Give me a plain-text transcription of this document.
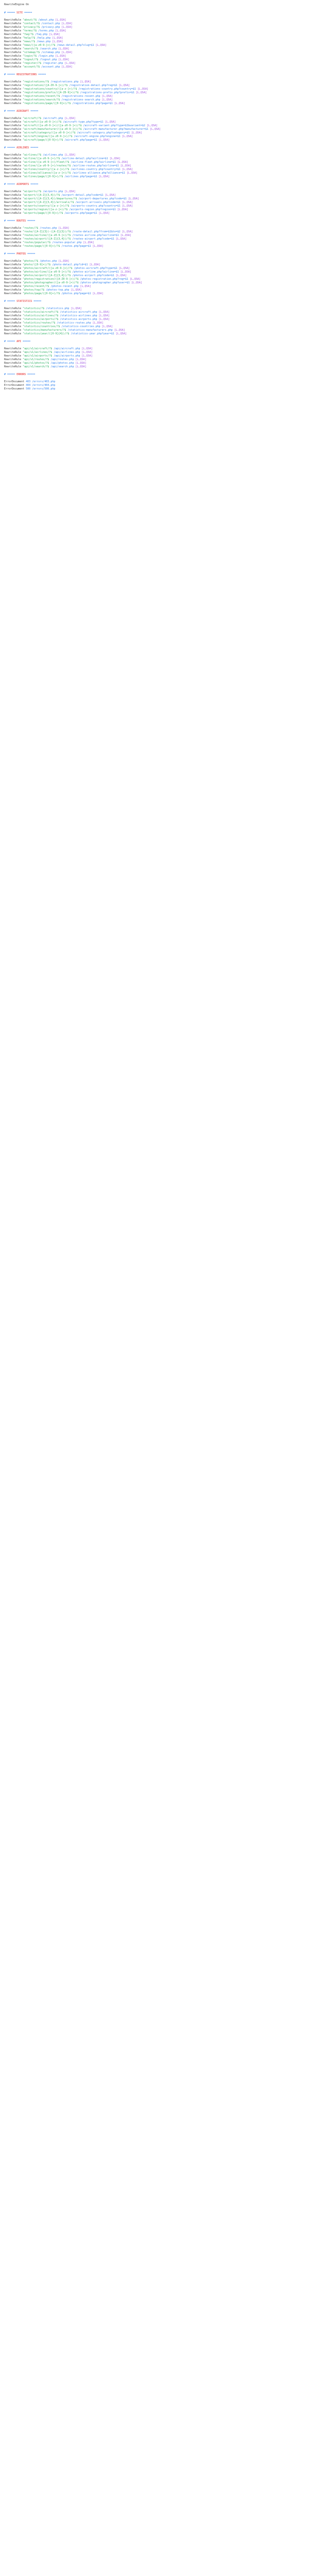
RewriteEngine On
# ===== SITE =====
RewriteRule ^about/?$ /about.php [L,QSA]
RewriteRule ^contact/?$ /contact.php [L,QSA]
RewriteRule ^privacy/?$ /privacy.php [L,QSA]
RewriteRule ^terms/?$ /terms.php [L,QSA]
RewriteRule ^faq/?$ /faq.php [L,QSA]
RewriteRule ^help/?$ /help.php [L,QSA]
RewriteRule ^news/?$ /news.php [L,QSA]
RewriteRule ^news/([a-z0-9-]+)/?$ /news-detail.php?slug=$1 [L,QSA]
RewriteRule ^search/?$ /search.php [L,QSA]
RewriteRule ^sitemap/?$ /sitemap.php [L,QSA]
RewriteRule ^login/?$ /login.php [L,QSA]
RewriteRule ^logout/?$ /logout.php [L,QSA]
RewriteRule ^register/?$ /register.php [L,QSA]
RewriteRule ^account/?$ /account.php [L,QSA]
# ===== REGISTRATIONS =====
RewriteRule ^registrations/?$ /registrations.php [L,QSA]
RewriteRule ^registration/([A-Z0-9-]+)/?$ /registration-detail.php?reg=$1 [L,QSA]
RewriteRule ^registrations/country/([a-z-]+)/?$ /registrations-country.php?country=$1 [L,QSA]
RewriteRule ^registrations/prefix/([A-Z0-9]+)/?$ /registrations-prefix.php?prefix=$1 [L,QSA]
RewriteRule ^registrations/recent/?$ /registrations-recent.php [L,QSA]
RewriteRule ^registrations/search/?$ /registrations-search.php [L,QSA]
RewriteRule ^registrations/page/([0-9]+)/?$ /registrations.php?page=$1 [L,QSA]
# ===== AIRCRAFT =====
RewriteRule ^aircraft/?$ /aircraft.php [L,QSA]
RewriteRule ^aircraft/([a-z0-9-]+)/?$ /aircraft-type.php?type=$1 [L,QSA]
RewriteRule ^aircraft/([a-z0-9-]+)/([a-z0-9-]+)/?$ /aircraft-variant.php?type=$1&variant=$2 [L,QSA]
RewriteRule ^aircraft/manufacturer/([a-z0-9-]+)/?$ /aircraft-manufacturer.php?manufacturer=$1 [L,QSA]
RewriteRule ^aircraft/category/([a-z0-9-]+)/?$ /aircraft-category.php?category=$1 [L,QSA]
RewriteRule ^aircraft/engine/([a-z0-9-]+)/?$ /aircraft-engine.php?engine=$1 [L,QSA]
RewriteRule ^aircraft/page/([0-9]+)/?$ /aircraft.php?page=$1 [L,QSA]
# ===== AIRLINES =====
RewriteRule ^airlines/?$ /airlines.php [L,QSA]
RewriteRule ^airline/([a-z0-9-]+)/?$ /airline-detail.php?airline=$1 [L,QSA]
RewriteRule ^airline/([a-z0-9-]+)/fleet/?$ /airline-fleet.php?airline=$1 [L,QSA]
RewriteRule ^airline/([a-z0-9-]+)/routes/?$ /airline-routes.php?airline=$1 [L,QSA]
RewriteRule ^airlines/country/([a-z-]+)/?$ /airlines-country.php?country=$1 [L,QSA]
RewriteRule ^airlines/alliance/([a-z-]+)/?$ /airlines-alliance.php?alliance=$1 [L,QSA]
RewriteRule ^airlines/page/([0-9]+)/?$ /airlines.php?page=$1 [L,QSA]
# ===== AIRPORTS =====
RewriteRule ^airports/?$ /airports.php [L,QSA]
RewriteRule ^airport/([A-Z]{3,4})/?$ /airport-detail.php?code=$1 [L,QSA]
RewriteRule ^airport/([A-Z]{3,4})/departures/?$ /airport-departures.php?code=$1 [L,QSA]
RewriteRule ^airport/([A-Z]{3,4})/arrivals/?$ /airport-arrivals.php?code=$1 [L,QSA]
RewriteRule ^airports/country/([a-z-]+)/?$ /airports-country.php?country=$1 [L,QSA]
RewriteRule ^airports/region/([a-z-]+)/?$ /airports-region.php?region=$1 [L,QSA]
RewriteRule ^airports/page/([0-9]+)/?$ /airports.php?page=$1 [L,QSA]
# ===== ROUTES =====
RewriteRule ^routes/?$ /routes.php [L,QSA]
RewriteRule ^route/([A-Z]{3})-([A-Z]{3})/?$ /route-detail.php?from=$1&to=$2 [L,QSA]
RewriteRule ^routes/airline/([a-z0-9-]+)/?$ /routes-airline.php?airline=$1 [L,QSA]
RewriteRule ^routes/airport/([A-Z]{3,4})/?$ /routes-airport.php?code=$1 [L,QSA]
RewriteRule ^routes/popular/?$ /routes-popular.php [L,QSA]
RewriteRule ^routes/page/([0-9]+)/?$ /routes.php?page=$1 [L,QSA]
# ===== PHOTOS =====
RewriteRule ^photos/?$ /photos.php [L,QSA]
RewriteRule ^photo/([0-9]+)/?$ /photo-detail.php?id=$1 [L,QSA]
RewriteRule ^photos/aircraft/([a-z0-9-]+)/?$ /photos-aircraft.php?type=$1 [L,QSA]
RewriteRule ^photos/airline/([a-z0-9-]+)/?$ /photos-airline.php?airline=$1 [L,QSA]
RewriteRule ^photos/airport/([A-Z]{3,4})/?$ /photos-airport.php?code=$1 [L,QSA]
RewriteRule ^photos/registration/([A-Z0-9-]+)/?$ /photos-registration.php?reg=$1 [L,QSA]
RewriteRule ^photos/photographer/([a-z0-9-]+)/?$ /photos-photographer.php?user=$1 [L,QSA]
RewriteRule ^photos/recent/?$ /photos-recent.php [L,QSA]
RewriteRule ^photos/top/?$ /photos-top.php [L,QSA]
RewriteRule ^photos/page/([0-9]+)/?$ /photos.php?page=$1 [L,QSA]
# ===== STATISTICS =====
RewriteRule ^statistics/?$ /statistics.php [L,QSA]
RewriteRule ^statistics/aircraft/?$ /statistics-aircraft.php [L,QSA]
RewriteRule ^statistics/airlines/?$ /statistics-airlines.php [L,QSA]
RewriteRule ^statistics/airports/?$ /statistics-airports.php [L,QSA]
RewriteRule ^statistics/routes/?$ /statistics-routes.php [L,QSA]
RewriteRule ^statistics/countries/?$ /statistics-countries.php [L,QSA]
RewriteRule ^statistics/manufacturers/?$ /statistics-manufacturers.php [L,QSA]
RewriteRule ^statistics/year/([0-9]{4})/?$ /statistics-year.php?year=$1 [L,QSA]
# ===== API =====
RewriteRule ^api/v1/aircraft/?$ /api/aircraft.php [L,QSA]
RewriteRule ^api/v1/airlines/?$ /api/airlines.php [L,QSA]
RewriteRule ^api/v1/airports/?$ /api/airports.php [L,QSA]
RewriteRule ^api/v1/routes/?$ /api/routes.php [L,QSA]
RewriteRule ^api/v1/photos/?$ /api/photos.php [L,QSA]
RewriteRule ^api/v1/search/?$ /api/search.php [L,QSA]
# ===== ERRORS =====
ErrorDocument 403 /errors/403.php
ErrorDocument 404 /errors/404.php
ErrorDocument 500 /errors/500.php
